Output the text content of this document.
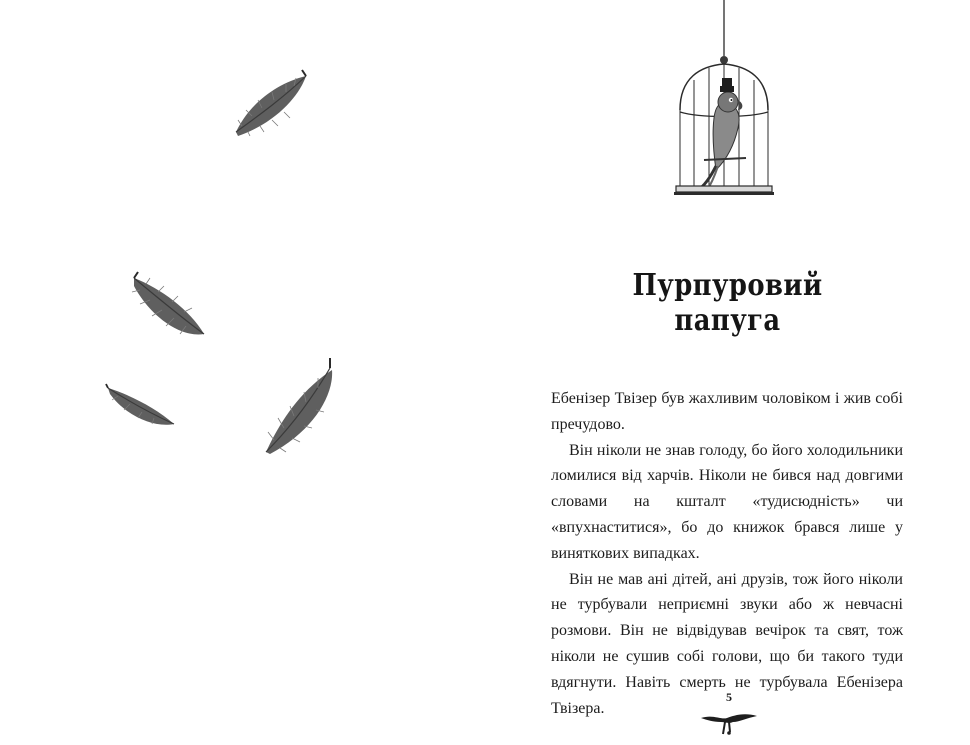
Пурпуровий папуга

Ебенізер Твізер був жахливим чоловіком і жив собі пречудово.

Він ніколи не знав голоду, бо його холодильники ломилися від харчів. Ніколи не бився над довгими словами на кшталт «тудисюдність» чи «впухнаститися», бо до книжок брався лише у виняткових випадках.

Він не мав ані дітей, ані друзів, тож його ніколи не турбували неприємні звуки або ж невчасні розмови. Він не відвідував вечірок та свят, тож ніколи не сушив собі голови, що би такого туди вдягнути. Навіть смерть не турбувала Ебенізера Твізера.

5
